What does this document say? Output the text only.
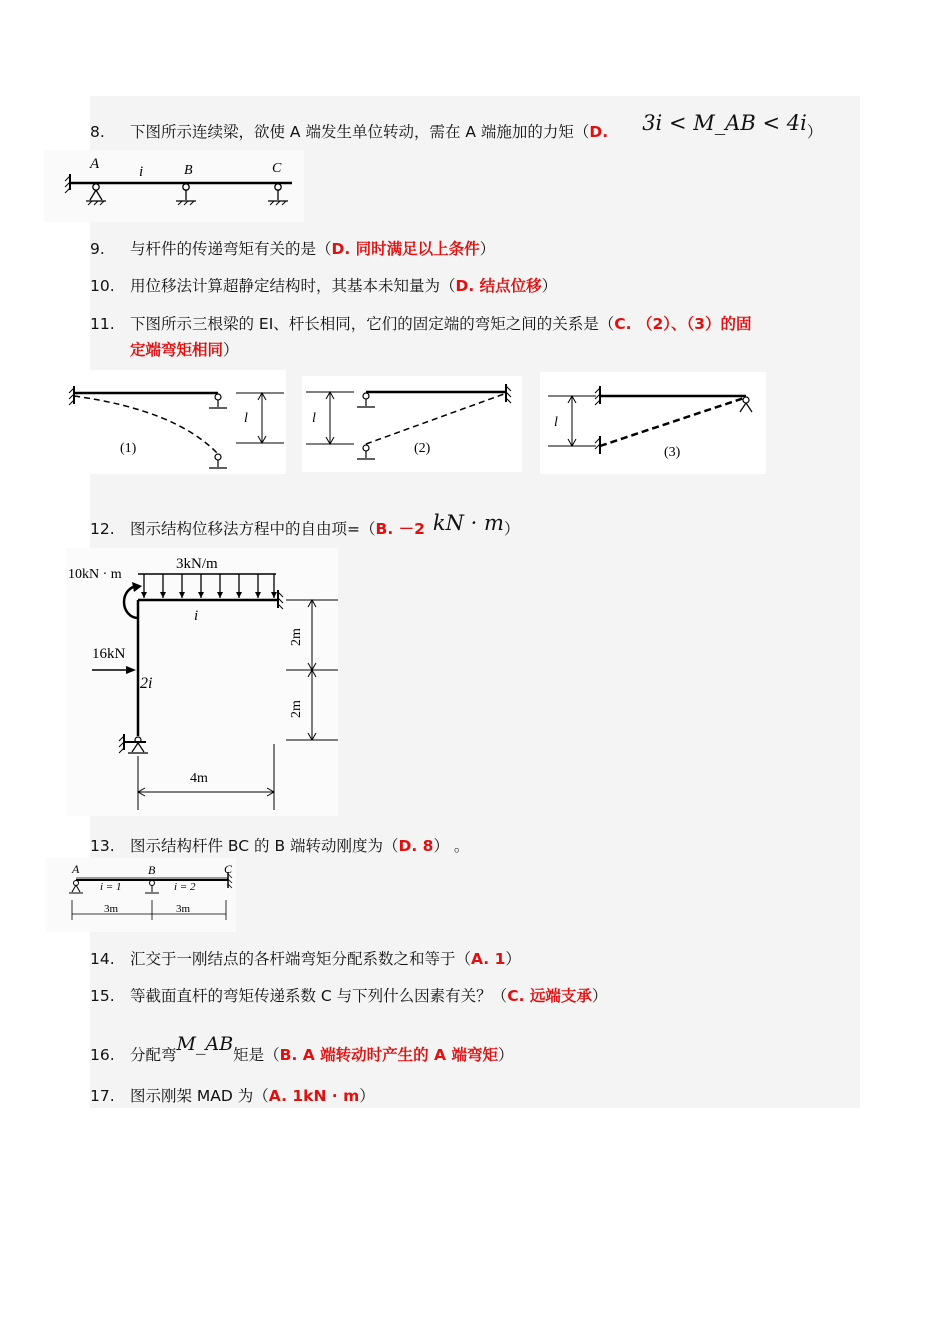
8. 下图所示连续梁，欲使 A 端发生单位转动，需在 A 端施加的力矩（D. 3i < M_AB < 4i）
A	i	B	C
9. 与杆件的传递弯矩有关的是（D. 同时满足以上条件）
10. 用位移法计算超静定结构时，其基本未知量为（D. 结点位移）
11. 下图所示三根梁的 EI、杆长相同，它们的固定端的弯矩之间的关系是（C. （2）、（3）的固
定端弯矩相同）
l
(1)
l
(2)
l
(3)
12. 图示结构位移法方程中的自由项=（B. －2 kN · m）
10kN · m
3kN/m
i
16kN
2i
2m
2m
4m
13. 图示结构杆件 BC 的 B 端转动刚度为（D. 8） 。
A	B	C
i = 1	i = 2
3m	3m
14. 汇交于一刚结点的各杆端弯矩分配系数之和等于（A. 1）
15. 等截面直杆的弯矩传递系数 C 与下列什么因素有关？（C. 远端支承）
16. 分配弯M_AB矩是（B. A 端转动时产生的 A 端弯矩）
17. 图示刚架 MAD 为（A. 1kN · m）
